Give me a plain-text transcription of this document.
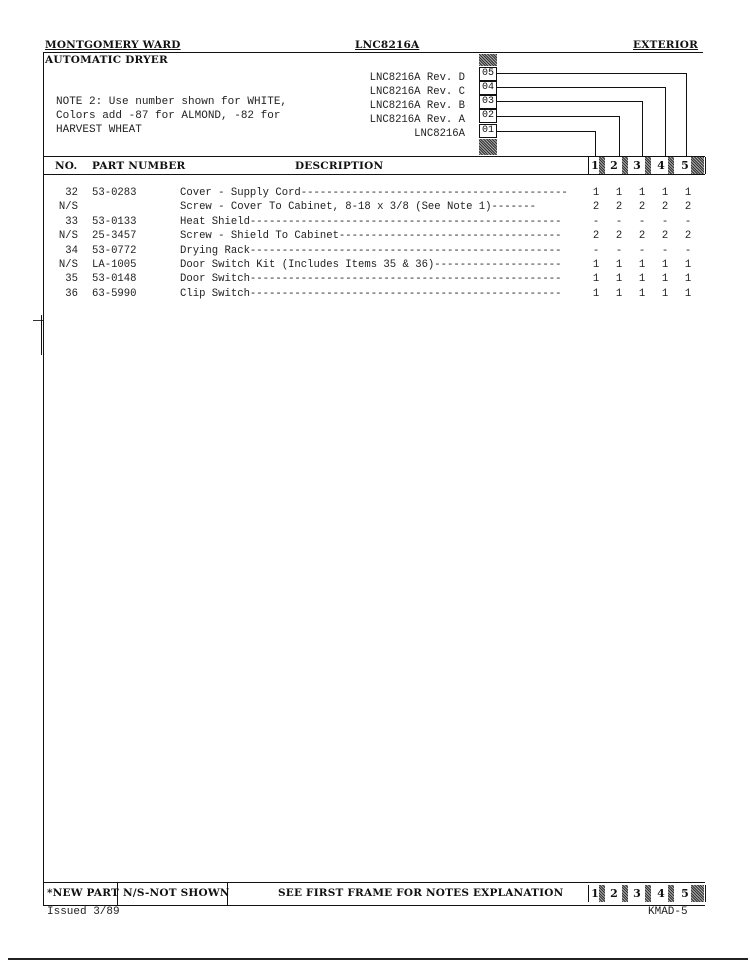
MONTGOMERY WARD	LNC8216A	EXTERIOR
AUTOMATIC DRYER
NOTE 2: Use number shown for WHITE,
Colors add -87 for ALMOND, -82 for
HARVEST WHEAT
LNC8216A Rev. D
LNC8216A Rev. C
LNC8216A Rev. B
LNC8216A Rev. A
LNC8216A
05
04
03
02
01
NO. PART NUMBER	DESCRIPTION	1 2 3 4 5
32 53-0283	Cover - Supply Cord------------------------------------------	1	1	1	1	1
N/S	Screw - Cover To Cabinet, 8-18 x 3/8 (See Note 1)-------	2	2	2	2	2
33 53-0133	Heat Shield-------------------------------------------------	-	-	-	-	-
N/S 25-3457	Screw - Shield To Cabinet-----------------------------------	2	2	2	2	2
34 53-0772	Drying Rack-------------------------------------------------	-	-	-	-	-
N/S LA-1005	Door Switch Kit (Includes Items 35 & 36)--------------------	1	1	1	1	1
35 53-0148	Door Switch-------------------------------------------------	1	1	1	1	1
36 63-5990	Clip Switch-------------------------------------------------	1	1	1	1	1
*NEW PART N/S-NOT SHOWN	SEE FIRST FRAME FOR NOTES EXPLANATION	1 2 3 4 5
Issued 3/89	KMAD-5
